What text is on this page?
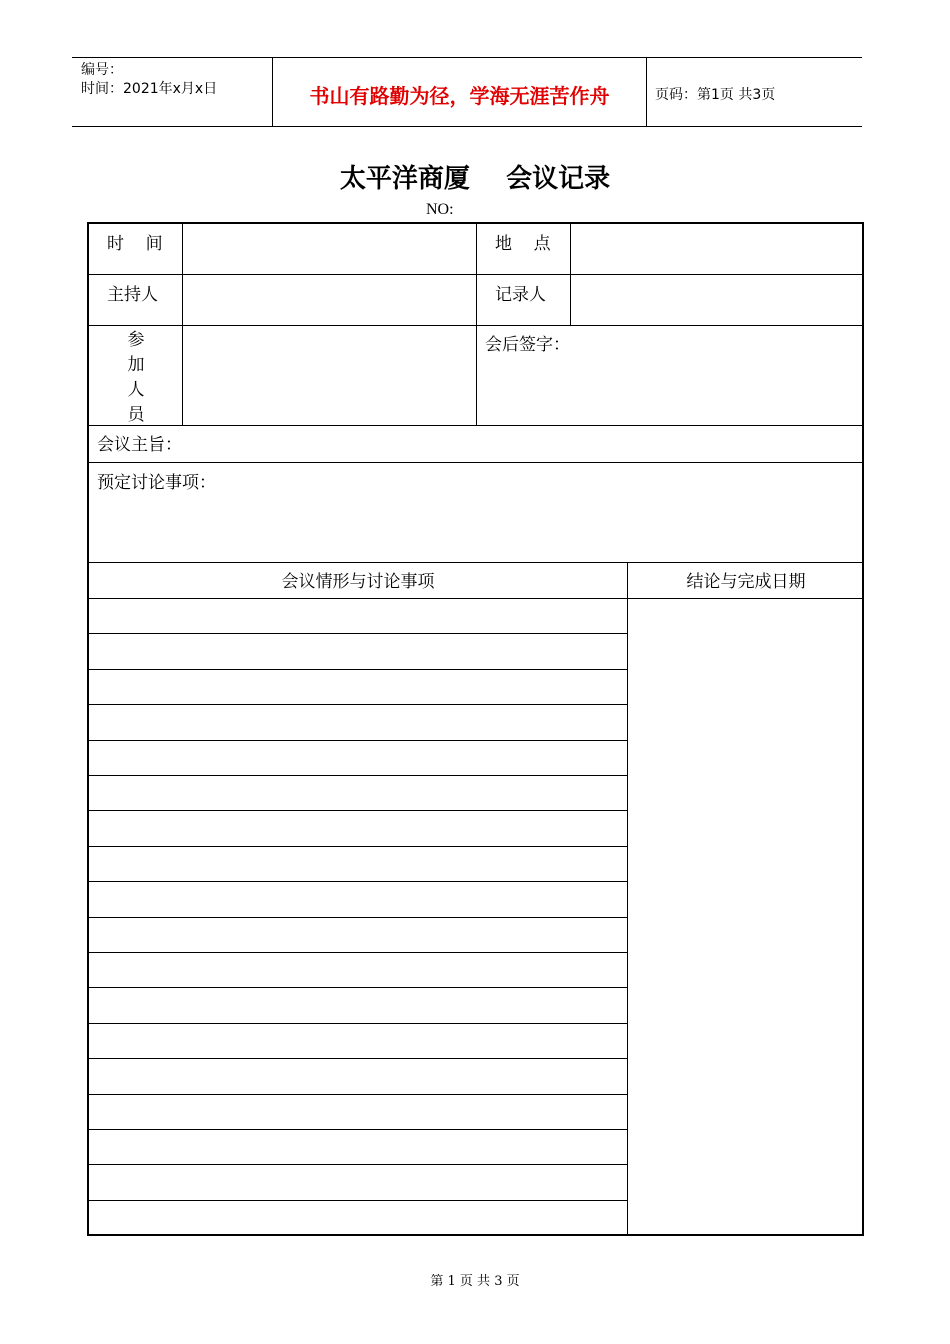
编号：
时间：2021年x月x日	书山有路勤为径，学海无涯苦作舟	页码：第1页 共3页
太平洋商厦    会议记录
NO:
时    间	地    点
主持人	记录人
参
加
人
员
会后签字：
会议主旨：
预定讨论事项：
会议情形与讨论事项	结论与完成日期
第 1 页 共 3 页
